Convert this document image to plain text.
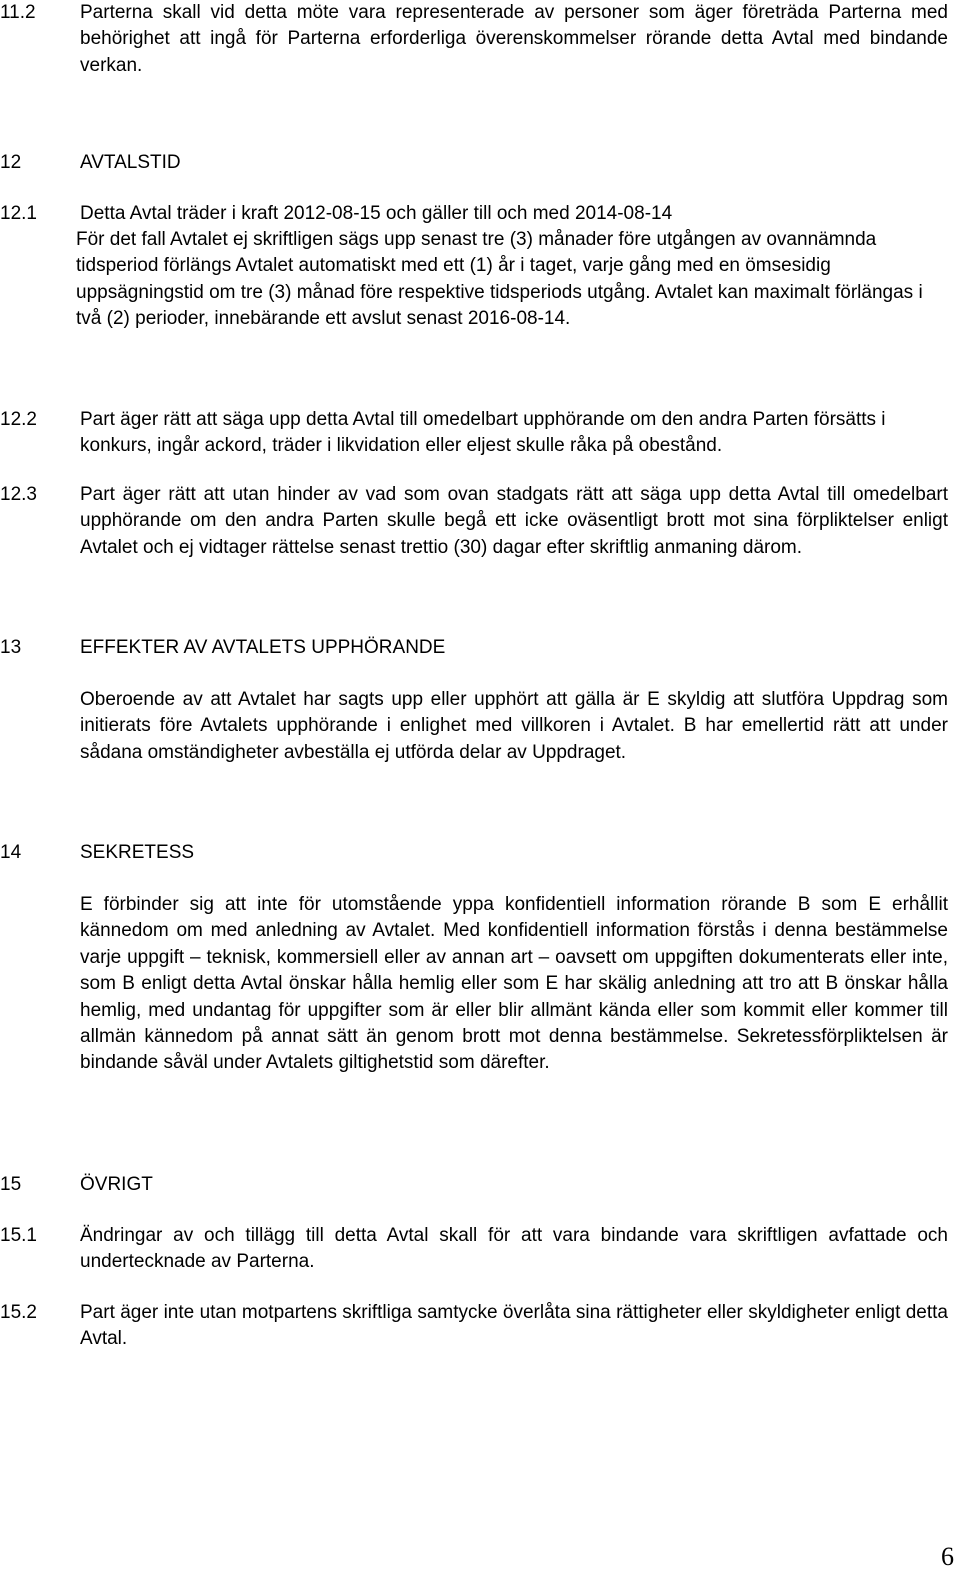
11.2 Parterna skall vid detta möte vara representerade av personer som äger företräda Parterna med behörighet att ingå för Parterna erforderliga överenskommelser rörande detta Avtal med bindande verkan.
12	AVTALSTID
12.1 Detta Avtal träder i kraft 2012-08-15 och gäller till och med 2014-08-14
För det fall Avtalet ej skriftligen sägs upp senast tre (3) månader före utgången av ovannämnda tidsperiod förlängs Avtalet automatiskt med ett (1) år i taget, varje gång med en ömsesidig uppsägningstid om tre (3) månad före respektive tidsperiods utgång. Avtalet kan maximalt förlängas i två (2) perioder, innebärande ett avslut senast 2016-08-14.
12.2 Part äger rätt att säga upp detta Avtal till omedelbart upphörande om den andra Parten försätts i konkurs, ingår ackord, träder i likvidation eller eljest skulle råka på obestånd.
12.3 Part äger rätt att utan hinder av vad som ovan stadgats rätt att säga upp detta Avtal till omedelbart upphörande om den andra Parten skulle begå ett icke oväsentligt brott mot sina förpliktelser enligt Avtalet och ej vidtager rättelse senast trettio (30) dagar efter skriftlig anmaning därom.
13	EFFEKTER AV AVTALETS UPPHÖRANDE
Oberoende av att Avtalet har sagts upp eller upphört att gälla är E skyldig att slutföra Uppdrag som initierats före Avtalets upphörande i enlighet med villkoren i Avtalet. B har emellertid rätt att under sådana omständigheter avbeställa ej utförda delar av Uppdraget.
14	SEKRETESS
E förbinder sig att inte för utomstående yppa konfidentiell information rörande B som E erhållit kännedom om med anledning av Avtalet. Med konfidentiell information förstås i denna bestämmelse varje uppgift – teknisk, kommersiell eller av annan art – oavsett om uppgiften dokumenterats eller inte, som B enligt detta Avtal önskar hålla hemlig eller som E har skälig anledning att tro att B önskar hålla hemlig, med undantag för uppgifter som är eller blir allmänt kända eller som kommit eller kommer till allmän kännedom på annat sätt än genom brott mot denna bestämmelse. Sekretessförpliktelsen är bindande såväl under Avtalets giltighetstid som därefter.
15	ÖVRIGT
15.1 Ändringar av och tillägg till detta Avtal skall för att vara bindande vara skriftligen avfattade och undertecknade av Parterna.
15.2 Part äger inte utan motpartens skriftliga samtycke överlåta sina rättigheter eller skyldigheter enligt detta Avtal.
6
